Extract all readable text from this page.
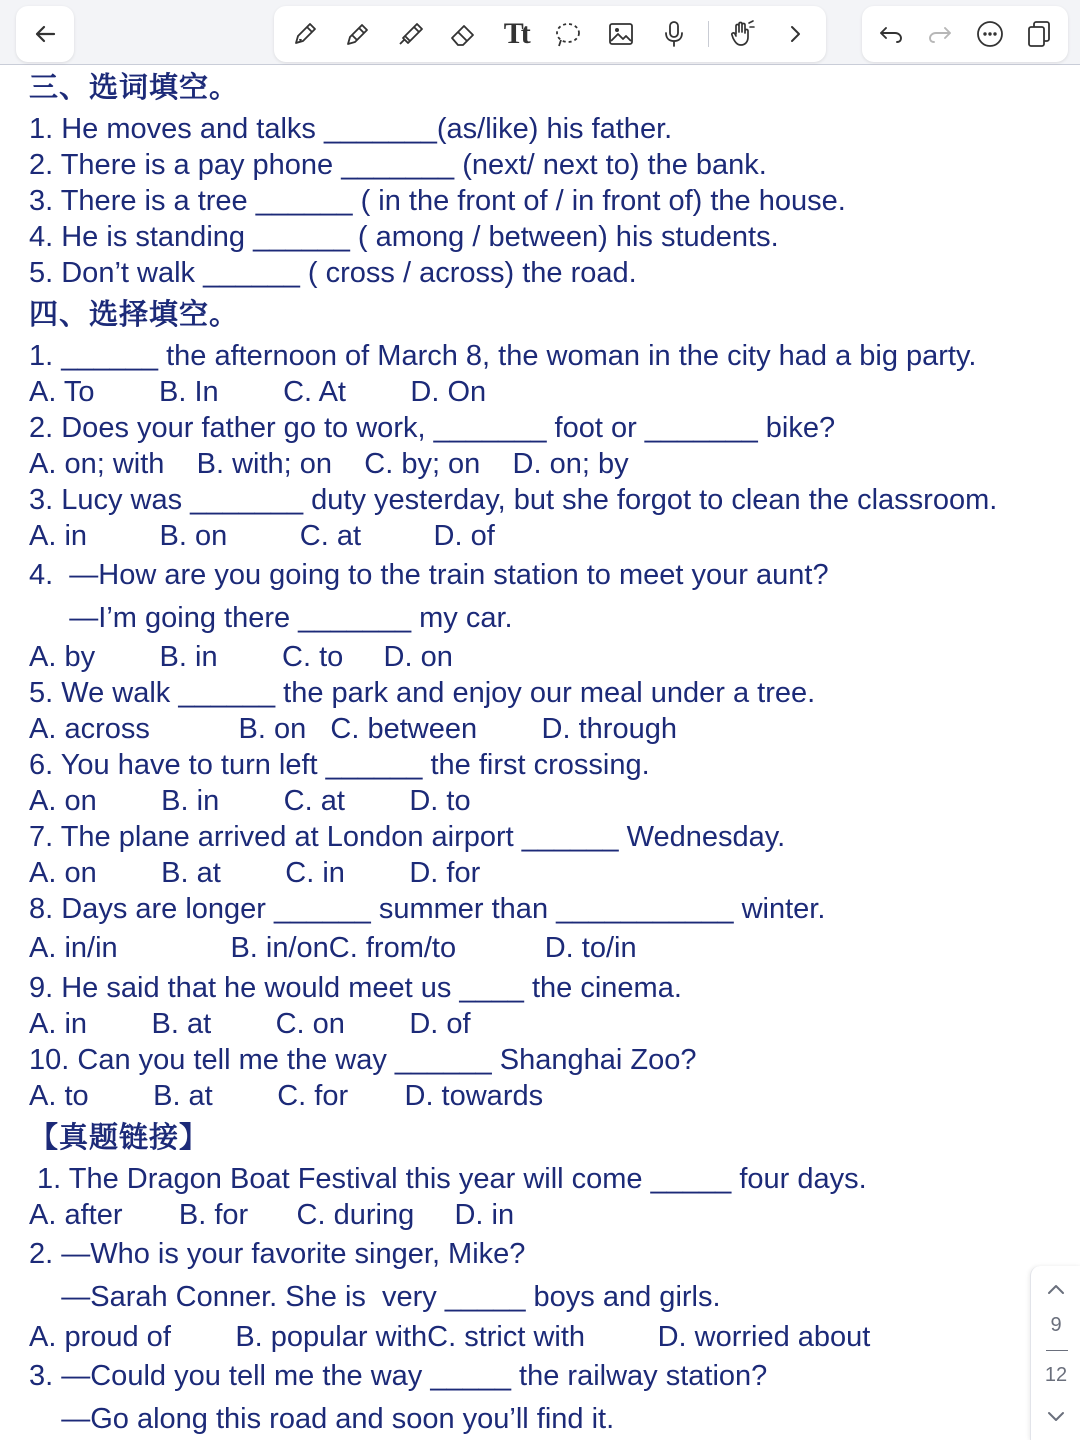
Tt
三、选词填空。
1. He moves and talks _______(as/like) his father.
2. There is a pay phone _______ (next/ next to) the bank.
3. There is a tree ______ ( in the front of / in front of) the house.
4. He is standing ______ ( among / between) his students.
5. Don’t walk ______ ( cross / across) the road.
四、选择填空。
1. ______ the afternoon of March 8, the woman in the city had a big party.
A. To        B. In        C. At        D. On
2. Does your father go to work, _______ foot or _______ bike?
A. on; with    B. with; on    C. by; on    D. on; by
3. Lucy was _______ duty yesterday, but she forgot to clean the classroom.
A. in         B. on         C. at         D. of
4.  —How are you going to the train station to meet your aunt?
—I’m going there _______ my car.
A. by        B. in        C. to     D. on
5. We walk ______ the park and enjoy our meal under a tree.
A. across           B. on   C. between        D. through
6. You have to turn left ______ the first crossing.
A. on        B. in        C. at        D. to
7. The plane arrived at London airport ______ Wednesday.
A. on        B. at        C. in        D. for
8. Days are longer ______ summer than ___________ winter.
A. in/in              B. in/onC. from/to           D. to/in
9. He said that he would meet us ____ the cinema.
A. in        B. at        C. on        D. of
10. Can you tell me the way ______ Shanghai Zoo?
A. to        B. at        C. for       D. towards
【真题链接】
1. The Dragon Boat Festival this year will come _____ four days.
A. after       B. for      C. during     D. in
2. —Who is your favorite singer, Mike?
—Sarah Conner. She is  very _____ boys and girls.
A. proud of        B. popular withC. strict with         D. worried about
3. —Could you tell me the way _____ the railway station?
—Go along this road and soon you’ll find it.
9
12
